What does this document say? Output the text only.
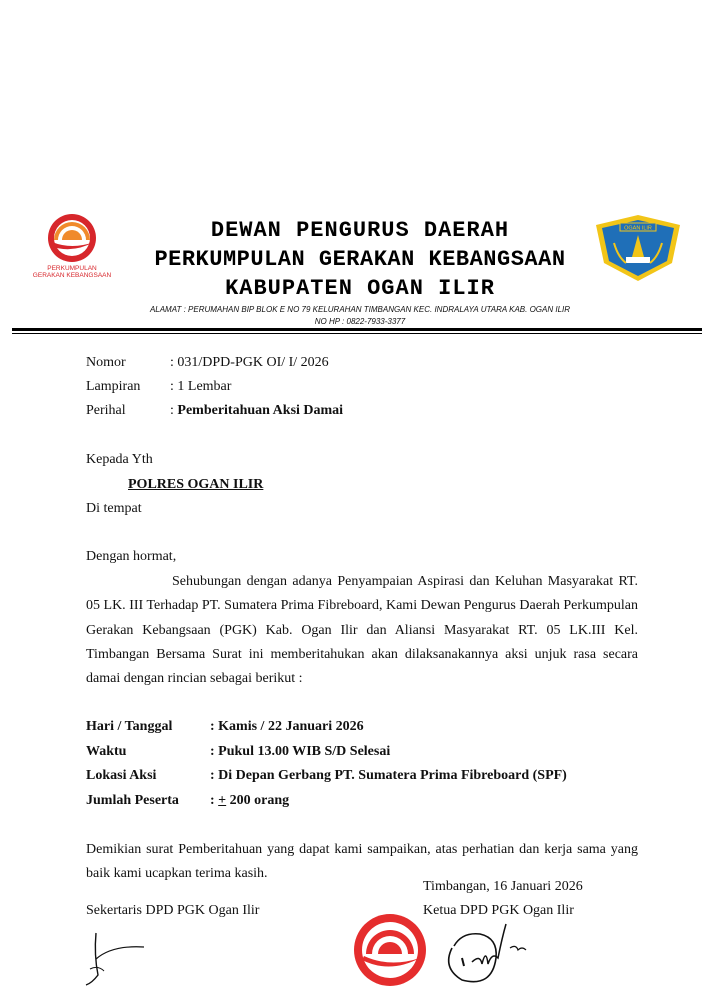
PERKUMPULAN
GERAKAN KEBANGSAAN
OGAN ILIR
DEWAN PENGURUS DAERAH
PERKUMPULAN GERAKAN KEBANGSAAN
KABUPATEN OGAN ILIR
ALAMAT : PERUMAHAN BIP BLOK E NO 79 KELURAHAN TIMBANGAN KEC. INDRALAYA UTARA KAB. OGAN ILIR
NO HP : 0822-7933-3377
Nomor	: 031/DPD-PGK OI/ I/ 2026
Lampiran : 1 Lembar
Perihal	: Pemberitahuan Aksi Damai
Kepada Yth
POLRES OGAN ILIR
Di tempat
Dengan hormat,
Sehubungan dengan adanya Penyampaian Aspirasi dan Keluhan Masyarakat RT. 05 LK. III Terhadap PT. Sumatera Prima Fibreboard, Kami Dewan Pengurus Daerah Perkumpulan Gerakan Kebangsaan (PGK) Kab. Ogan Ilir dan Aliansi Masyarakat RT. 05 LK.III Kel. Timbangan Bersama Surat ini memberitahukan akan dilaksanakannya aksi unjuk rasa secara damai dengan rincian sebagai berikut :
Hari / Tanggal	: Kamis / 22 Januari 2026
Waktu	: Pukul 13.00 WIB S/D Selesai
Lokasi Aksi	: Di Depan Gerbang PT. Sumatera Prima Fibreboard (SPF)
Jumlah Peserta : + 200 orang
Demikian surat Pemberitahuan yang dapat kami sampaikan, atas perhatian dan kerja sama yang baik kami ucapkan terima kasih.
Timbangan, 16 Januari 2026
Sekertaris DPD PGK Ogan Ilir	Ketua DPD PGK Ogan Ilir
